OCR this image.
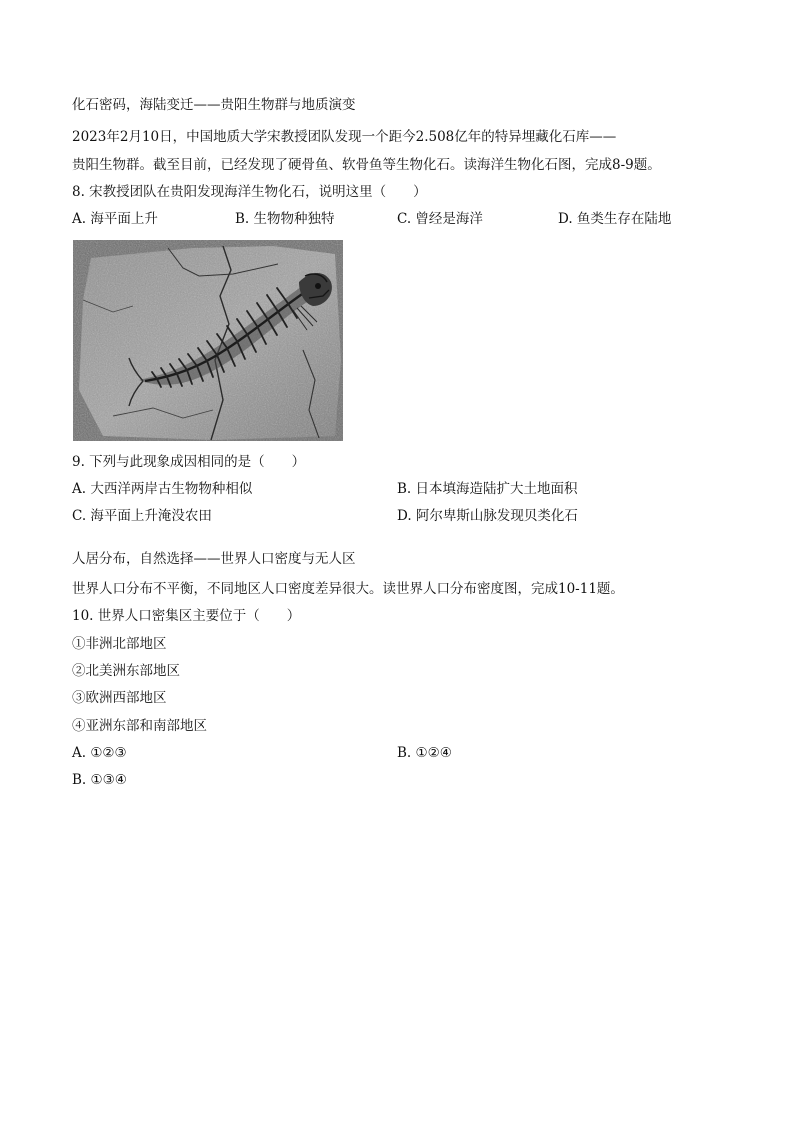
化石密码，海陆变迁——贵阳生物群与地质演变
2023年2月10日，中国地质大学宋教授团队发现一个距今2.508亿年的特异埋藏化石库——
贵阳生物群。截至目前，已经发现了硬骨鱼、软骨鱼等生物化石。读海洋生物化石图，完成8-9题。
8. 宋教授团队在贵阳发现海洋生物化石，说明这里（　　）
A. 海平面上升	B. 生物物种独特	C. 曾经是海洋	D. 鱼类生存在陆地
9. 下列与此现象成因相同的是（　　）
A. 大西洋两岸古生物物种相似	B. 日本填海造陆扩大土地面积
C. 海平面上升淹没农田	D. 阿尔卑斯山脉发现贝类化石
人居分布，自然选择——世界人口密度与无人区
世界人口分布不平衡，不同地区人口密度差异很大。读世界人口分布密度图，完成10-11题。
10. 世界人口密集区主要位于（　　）
①非洲北部地区
②北美洲东部地区
③欧洲西部地区
④亚洲东部和南部地区
A. ①②③	B. ①②④
B. ①③④
